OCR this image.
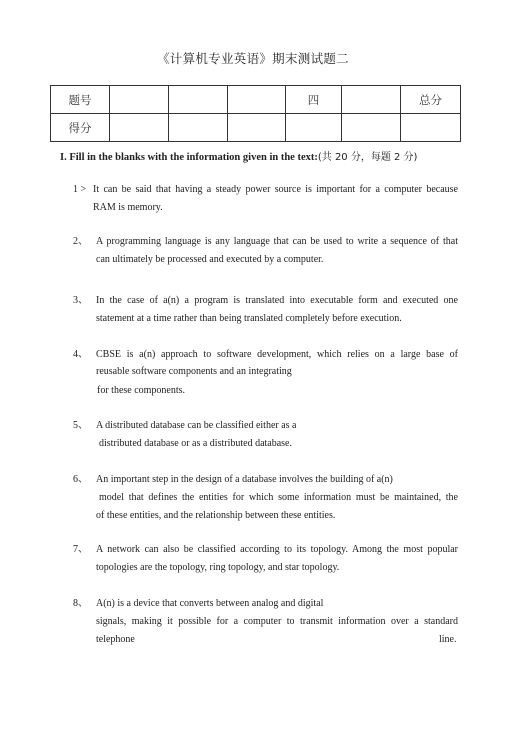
《计算机专业英语》期末测试题二
题号				四		总分
得分						
I. Fill in the blanks with the information given in the text:(共 20 分，每题 2 分)
1 > It can be said that having a steady power source is important for a computer because
RAM is memory.
2、 A programming language is any language that can be used to write a sequence of that
can ultimately be processed and executed by a computer.
3、 In the case of a(n) a program is translated into executable form and executed one
statement at a time rather than being translated completely before execution.
4、 CBSE is a(n) approach to software development, which relies on a large base of
reusable software components and an integrating
for these components.
5、 A distributed database can be classified either as a
distributed database or as a distributed database.
6、 An important step in the design of a database involves the building of a(n)
model that defines the entities for which some information must be maintained, the
of these entities, and the relationship between these entities.
7、 A network can also be classified according to its topology. Among the most popular
topologies are the topology, ring topology, and star topology.
8、 A(n) is a device that converts between analog and digital
signals, making it possible for a computer to transmit information over a standard
telephone	line.
